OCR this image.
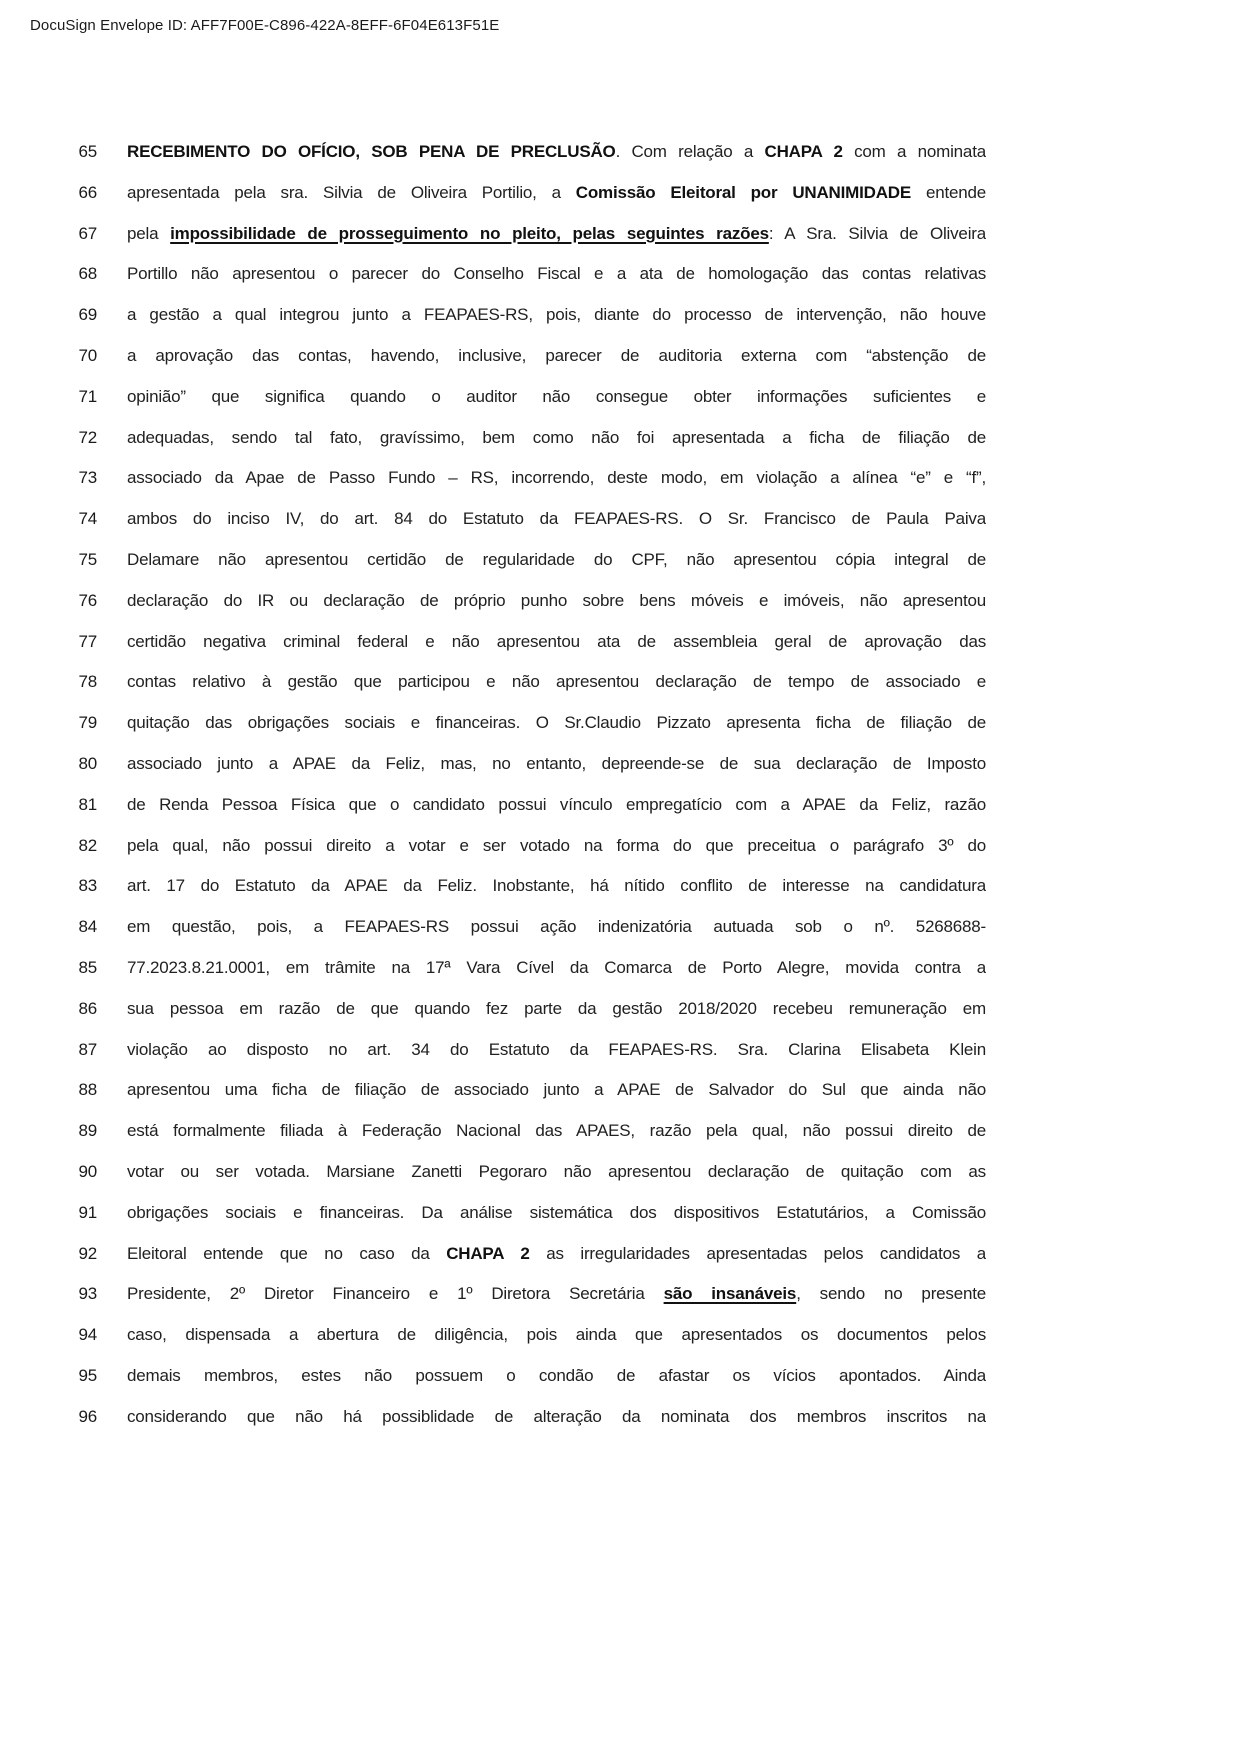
DocuSign Envelope ID: AFF7F00E-C896-422A-8EFF-6F04E613F51E
65	RECEBIMENTO DO OFÍCIO, SOB PENA DE PRECLUSÃO. Com relação a CHAPA 2 com a nominata
66	apresentada pela sra. Silvia de Oliveira Portilio, a Comissão Eleitoral por UNANIMIDADE entende
67	pela impossibilidade de prosseguimento no pleito, pelas seguintes razões: A Sra. Silvia de Oliveira
68	Portillo não apresentou o parecer do Conselho Fiscal e a ata de homologação das contas relativas
69	a gestão a qual integrou junto a FEAPAES-RS, pois, diante do processo de intervenção, não houve
70	a aprovação das contas, havendo, inclusive, parecer de auditoria externa com “abstenção de
71	opinião” que significa quando o auditor não consegue obter informações suficientes e
72	adequadas, sendo tal fato, gravíssimo, bem como não foi apresentada a ficha de filiação de
73	associado da Apae de Passo Fundo – RS, incorrendo, deste modo, em violação a alínea “e” e “f”,
74	ambos do inciso IV, do art. 84 do Estatuto da FEAPAES-RS. O Sr. Francisco de Paula Paiva
75	Delamare não apresentou certidão de regularidade do CPF, não apresentou cópia integral de
76	declaração do IR ou declaração de próprio punho sobre bens móveis e imóveis, não apresentou
77	certidão negativa criminal federal e não apresentou ata de assembleia geral de aprovação das
78	contas relativo à gestão que participou e não apresentou declaração de tempo de associado e
79	quitação das obrigações sociais e financeiras. O Sr.Claudio Pizzato apresenta ficha de filiação de
80	associado junto a APAE da Feliz, mas, no entanto, depreende-se de sua declaração de Imposto
81	de Renda Pessoa Física que o candidato possui vínculo empregatício com a APAE da Feliz, razão
82	pela qual, não possui direito a votar e ser votado na forma do que preceitua o parágrafo 3º do
83	art. 17 do Estatuto da APAE da Feliz. Inobstante, há nítido conflito de interesse na candidatura
84	em questão, pois, a FEAPAES-RS possui ação indenizatória autuada sob o nº. 5268688-
85	77.2023.8.21.0001, em trâmite na 17ª Vara Cível da Comarca de Porto Alegre, movida contra a
86	sua pessoa em razão de que quando fez parte da gestão 2018/2020 recebeu remuneração em
87	violação ao disposto no art. 34 do Estatuto da FEAPAES-RS. Sra. Clarina Elisabeta Klein
88	apresentou uma ficha de filiação de associado junto a APAE de Salvador do Sul que ainda não
89	está formalmente filiada à Federação Nacional das APAES, razão pela qual, não possui direito de
90	votar ou ser votada. Marsiane Zanetti Pegoraro não apresentou declaração de quitação com as
91	obrigações sociais e financeiras. Da análise sistemática dos dispositivos Estatutários, a Comissão
92	Eleitoral entende que no caso da CHAPA 2 as irregularidades apresentadas pelos candidatos a
93	Presidente, 2º Diretor Financeiro e 1º Diretora Secretária são insanáveis, sendo no presente
94	caso, dispensada a abertura de diligência, pois ainda que apresentados os documentos pelos
95	demais membros, estes não possuem o condão de afastar os vícios apontados. Ainda
96	considerando que não há possiblidade de alteração da nominata dos membros inscritos na
